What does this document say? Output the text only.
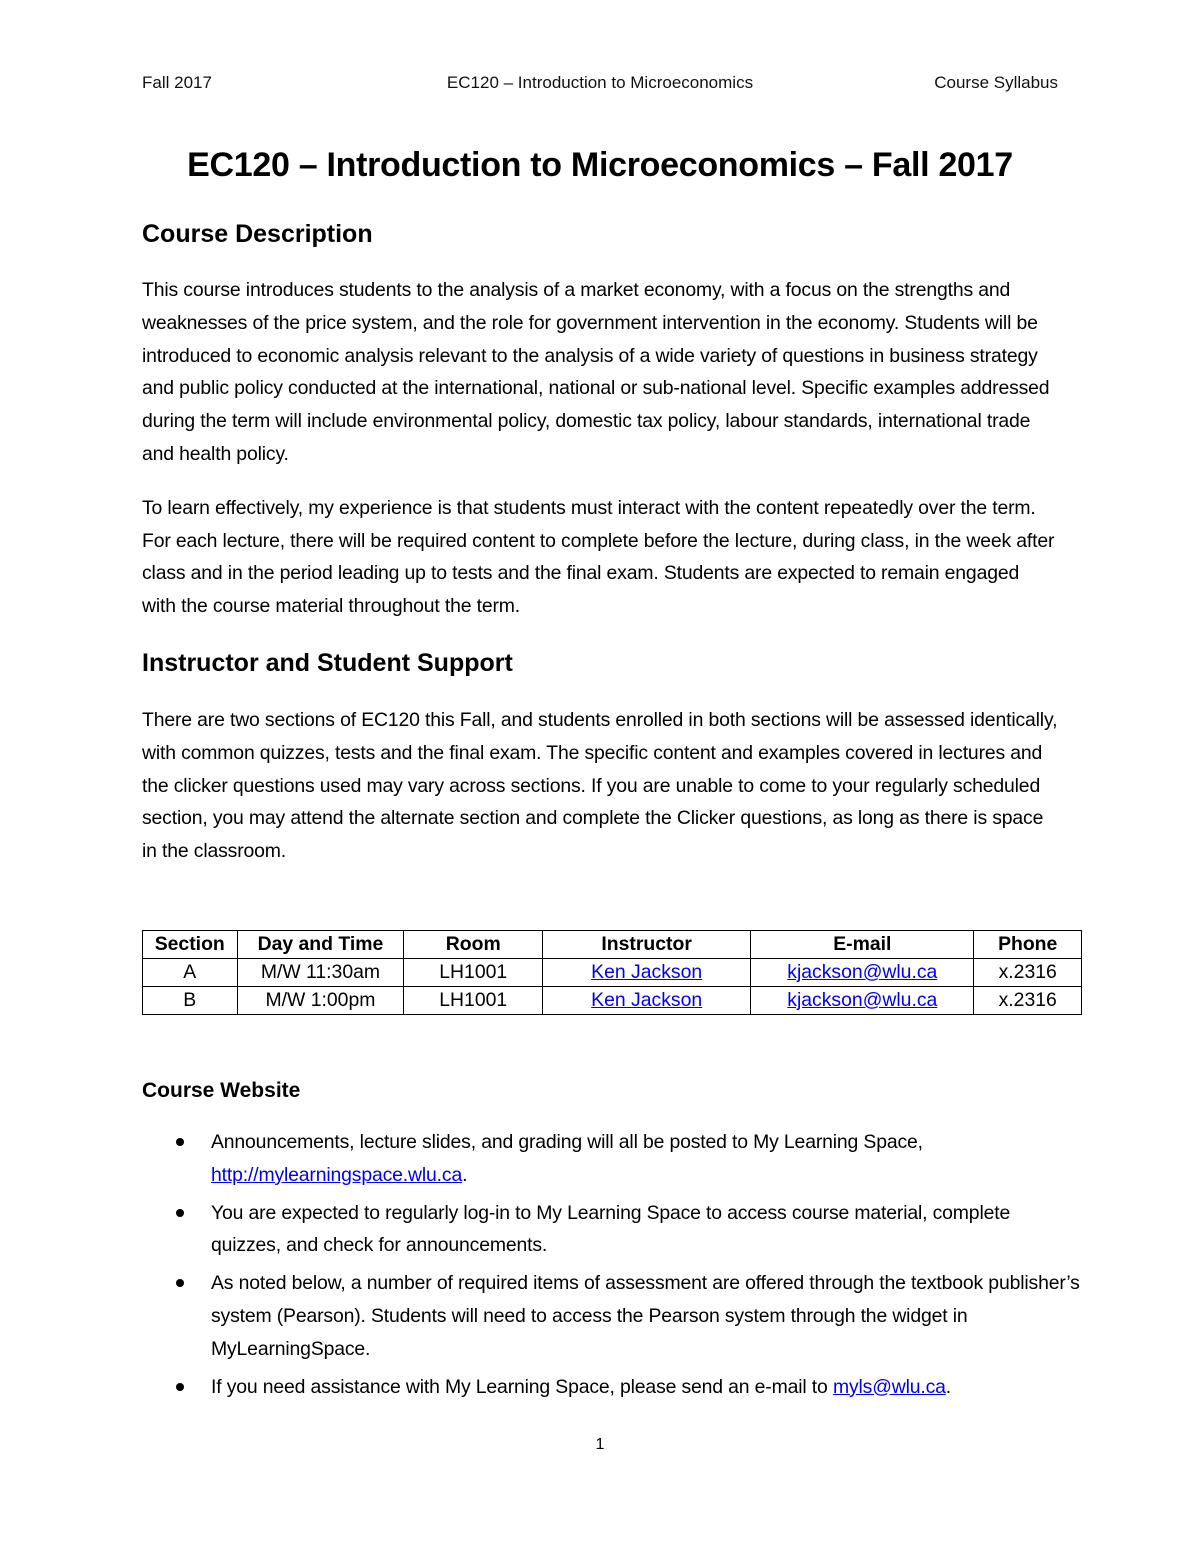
Fall 2017	EC120 – Introduction to Microeconomics	Course Syllabus
EC120 – Introduction to Microeconomics – Fall 2017
Course Description

This course introduces students to the analysis of a market economy, with a focus on the strengths and weaknesses of the price system, and the role for government intervention in the economy. Students will be introduced to economic analysis relevant to the analysis of a wide variety of questions in business strategy and public policy conducted at the international, national or sub-national level. Specific examples addressed during the term will include environmental policy, domestic tax policy, labour standards, international trade and health policy.

To learn effectively, my experience is that students must interact with the content repeatedly over the term. For each lecture, there will be required content to complete before the lecture, during class, in the week after class and in the period leading up to tests and the final exam. Students are expected to remain engaged with the course material throughout the term.

Instructor and Student Support

There are two sections of EC120 this Fall, and students enrolled in both sections will be assessed identically, with common quizzes, tests and the final exam. The specific content and examples covered in lectures and the clicker questions used may vary across sections. If you are unable to come to your regularly scheduled section, you may attend the alternate section and complete the Clicker questions, as long as there is space in the classroom.

Section	Day and Time	Room	Instructor	E-mail	Phone
A	M/W 11:30am	LH1001	Ken Jackson	kjackson@wlu.ca	x.2316
B	M/W 1:00pm	LH1001	Ken Jackson	kjackson@wlu.ca	x.2316
Course Website
Announcements, lecture slides, and grading will all be posted to My Learning Space,
http://mylearningspace.wlu.ca.
You are expected to regularly log-in to My Learning Space to access course material, complete quizzes, and check for announcements.
As noted below, a number of required items of assessment are offered through the textbook publisher’s system (Pearson). Students will need to access the Pearson system through the widget in MyLearningSpace.
If you need assistance with My Learning Space, please send an e-mail to myls@wlu.ca.
1
